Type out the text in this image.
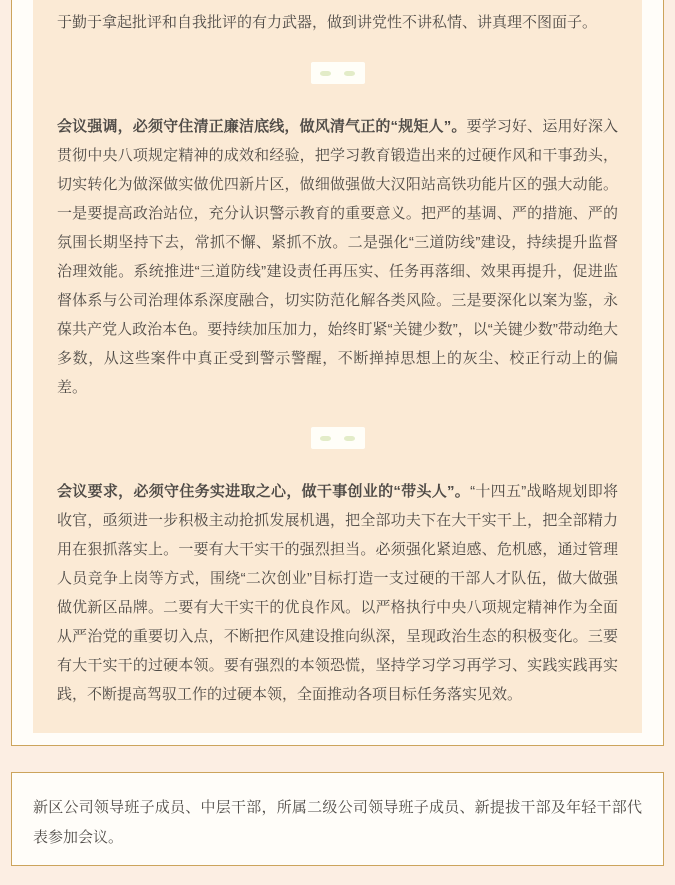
于勤于拿起批评和自我批评的有力武器，做到讲党性不讲私情、讲真理不图面子。

会议强调，必须守住清正廉洁底线，做风清气正的“规矩人”。要学习好、运用好深入贯彻中央八项规定精神的成效和经验，把学习教育锻造出来的过硬作风和干事劲头，切实转化为做深做实做优四新片区，做细做强做大汉阳站高铁功能片区的强大动能。一是要提高政治站位，充分认识警示教育的重要意义。把严的基调、严的措施、严的氛围长期坚持下去，常抓不懈、紧抓不放。二是强化“三道防线”建设，持续提升监督治理效能。系统推进“三道防线”建设责任再压实、任务再落细、效果再提升，促进监督体系与公司治理体系深度融合，切实防范化解各类风险。三是要深化以案为鉴，永葆共产党人政治本色。要持续加压加力，始终盯紧“关键少数”，以“关键少数”带动绝大多数，从这些案件中真正受到警示警醒，不断掸掉思想上的灰尘、校正行动上的偏差。

会议要求，必须守住务实进取之心，做干事创业的“带头人”。“十四五”战略规划即将收官，亟须进一步积极主动抢抓发展机遇，把全部功夫下在大干实干上，把全部精力用在狠抓落实上。一要有大干实干的强烈担当。必须强化紧迫感、危机感，通过管理人员竞争上岗等方式，围绕“二次创业”目标打造一支过硬的干部人才队伍，做大做强做优新区品牌。二要有大干实干的优良作风。以严格执行中央八项规定精神作为全面从严治党的重要切入点，不断把作风建设推向纵深，呈现政治生态的积极变化。三要有大干实干的过硬本领。要有强烈的本领恐慌，坚持学习学习再学习、实践实践再实践，不断提高驾驭工作的过硬本领，全面推动各项目标任务落实见效。

新区公司领导班子成员、中层干部，所属二级公司领导班子成员、新提拔干部及年轻干部代表参加会议。
